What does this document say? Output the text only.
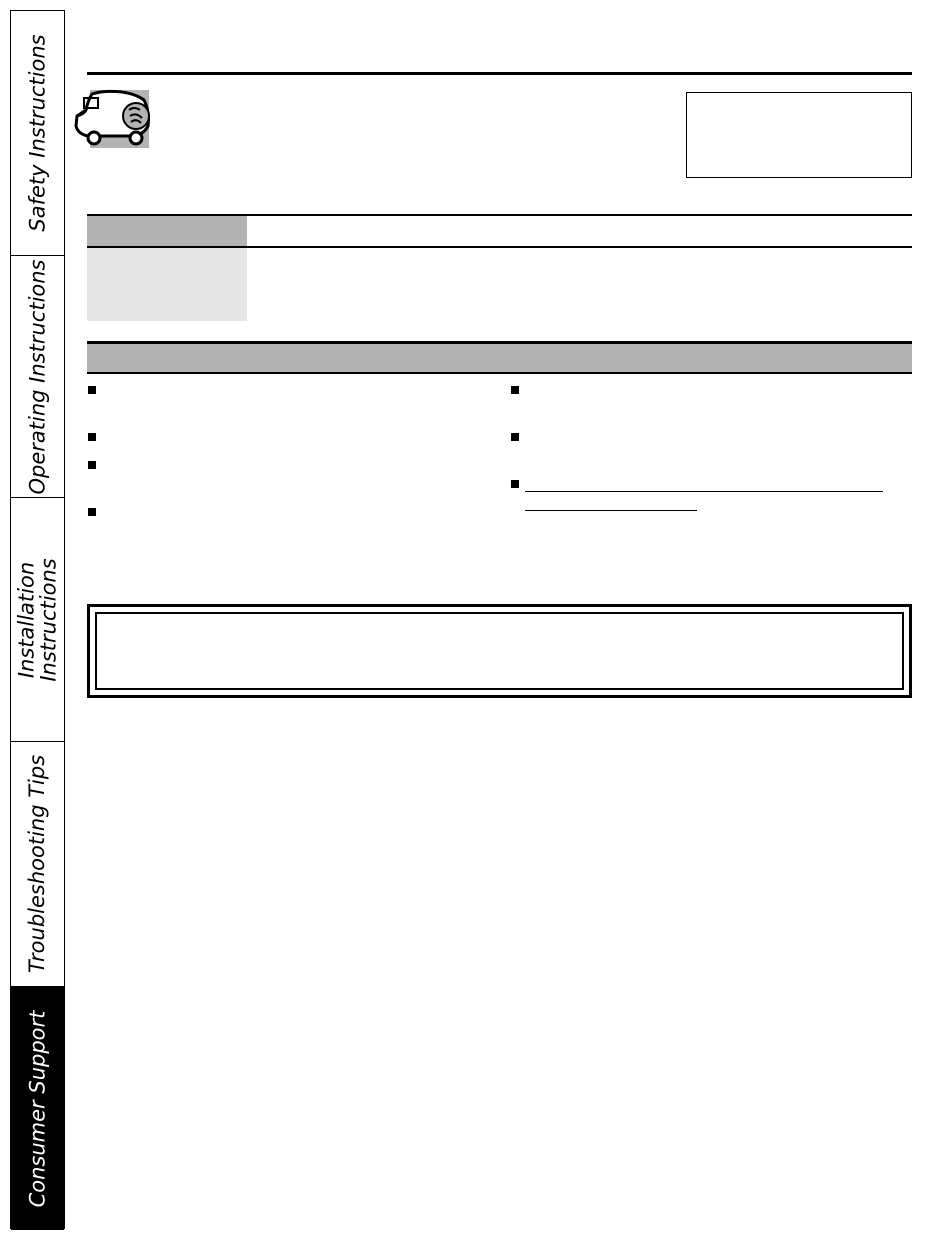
Safety Instructions
Operating Instructions
Installation
Instructions
Troubleshooting Tips
Consumer Support
